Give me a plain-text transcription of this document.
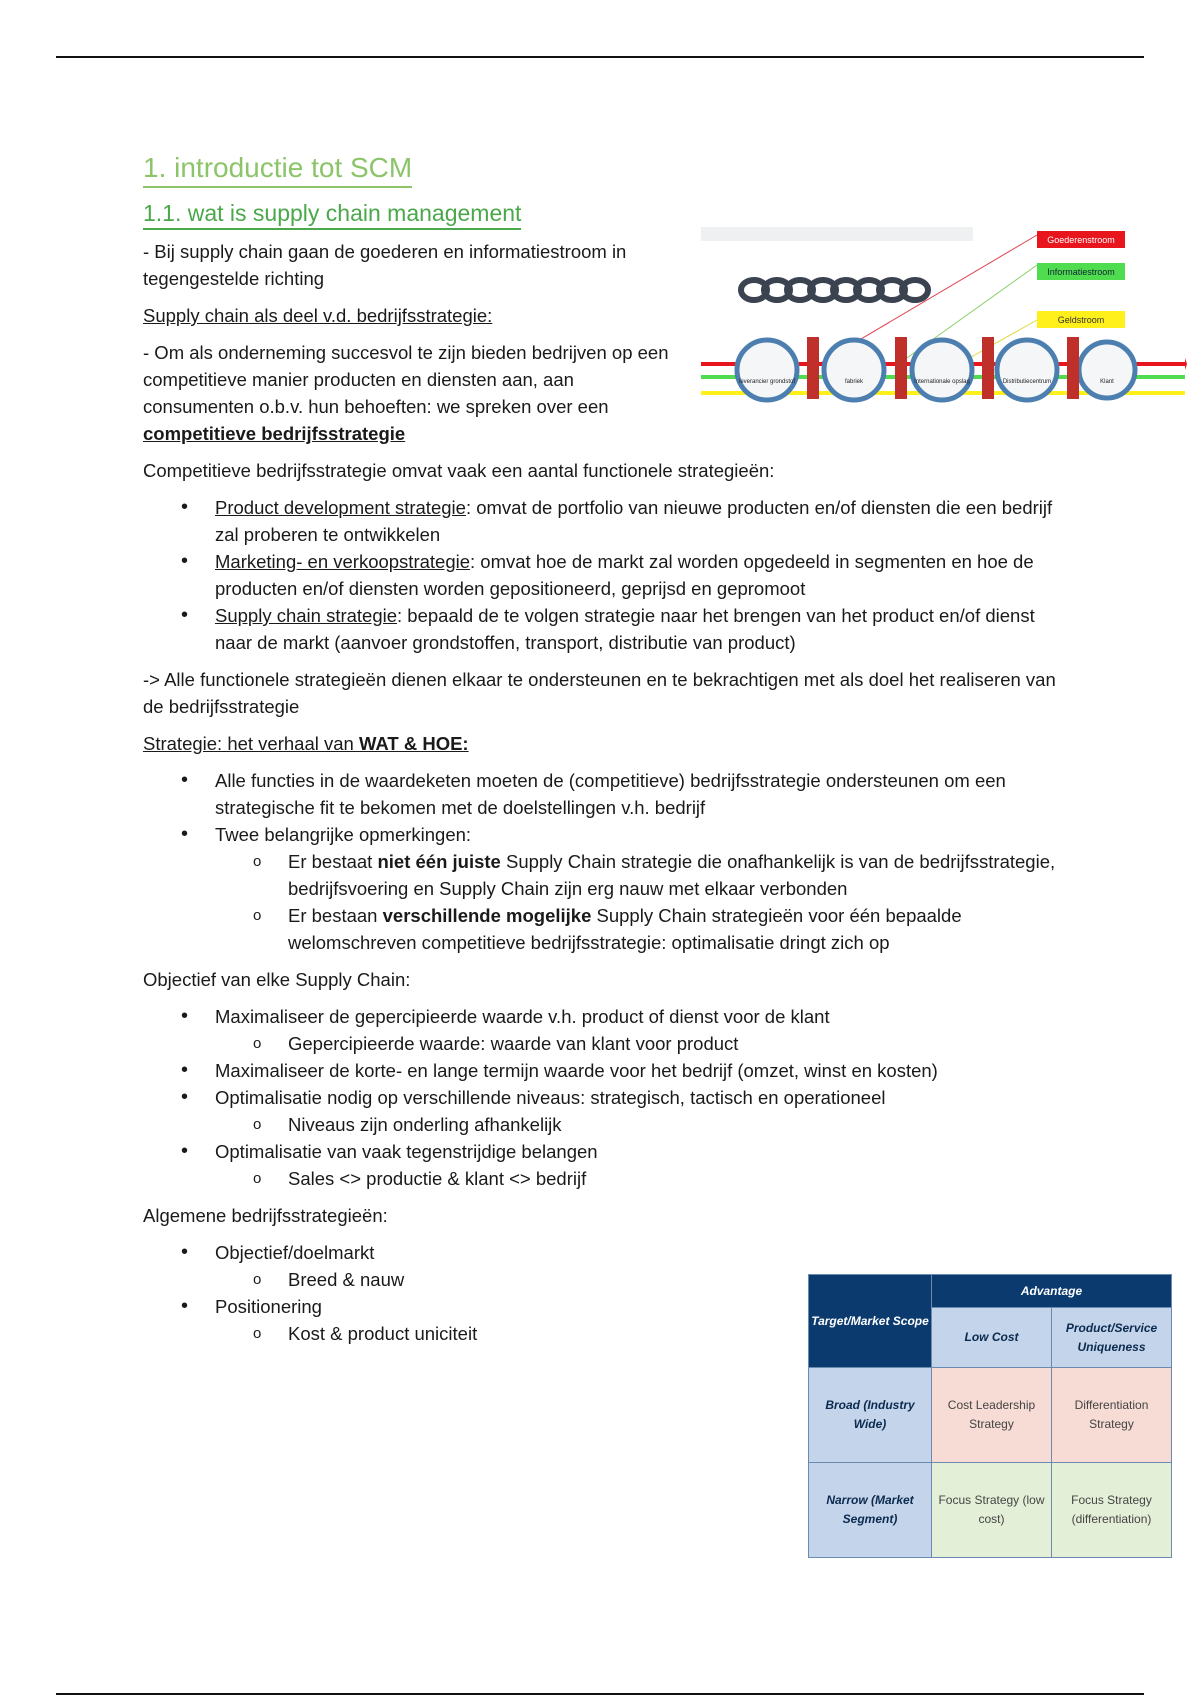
1. introductie tot SCM
1.1. wat is supply chain management

- Bij supply chain gaan de goederen en informatiestroom in tegengestelde richting

Supply chain als deel v.d. bedrijfsstrategie:

- Om als onderneming succesvol te zijn bieden bedrijven op een competitieve manier producten en diensten aan, aan consumenten o.b.v. hun behoeften: we spreken over een competitieve bedrijfsstrategie

Competitieve bedrijfsstrategie omvat vaak een aantal functionele strategieën:

• Product development strategie: omvat de portfolio van nieuwe producten en/of diensten die een bedrijf zal proberen te ontwikkelen
• Marketing- en verkoopstrategie: omvat hoe de markt zal worden opgedeeld in segmenten en hoe de producten en/of diensten worden gepositioneerd, geprijsd en gepromoot
• Supply chain strategie: bepaald de te volgen strategie naar het brengen van het product en/of dienst naar de markt (aanvoer grondstoffen, transport, distributie van product)

-> Alle functionele strategieën dienen elkaar te ondersteunen en te bekrachtigen met als doel het realiseren van de bedrijfsstrategie

Strategie: het verhaal van WAT & HOE:

• Alle functies in de waardeketen moeten de (competitieve) bedrijfsstrategie ondersteunen om een strategische fit te bekomen met de doelstellingen v.h. bedrijf
• Twee belangrijke opmerkingen:
o Er bestaat niet één juiste Supply Chain strategie die onafhankelijk is van de bedrijfsstrategie, bedrijfsvoering en Supply Chain zijn erg nauw met elkaar verbonden
o Er bestaan verschillende mogelijke Supply Chain strategieën voor één bepaalde welomschreven competitieve bedrijfsstrategie: optimalisatie dringt zich op

Objectief van elke Supply Chain:

• Maximaliseer de gepercipieerde waarde v.h. product of dienst voor de klant
o Gepercipieerde waarde: waarde van klant voor product
• Maximaliseer de korte- en lange termijn waarde voor het bedrijf (omzet, winst en kosten)
• Optimalisatie nodig op verschillende niveaus: strategisch, tactisch en operationeel
o Niveaus zijn onderling afhankelijk
• Optimalisatie van vaak tegenstrijdige belangen
o Sales <> productie & klant <> bedrijf

Algemene bedrijfsstrategieën:

• Objectief/doelmarkt
o Breed & nauw
• Positionering
o Kost & product uniciteit
Goederenstroom
Informatiestroom
Geldstroom
leverancier grondstof	fabriek	Internationale opslag	Distributiecentrum	Klant
Target/Market Scope	Advantage	
	Low Cost	Product/Service Uniqueness
Broad (Industry Wide)	Cost Leadership Strategy	Differentiation Strategy
Narrow (Market Segment)	Focus Strategy (low cost)	Focus Strategy (differentiation)
